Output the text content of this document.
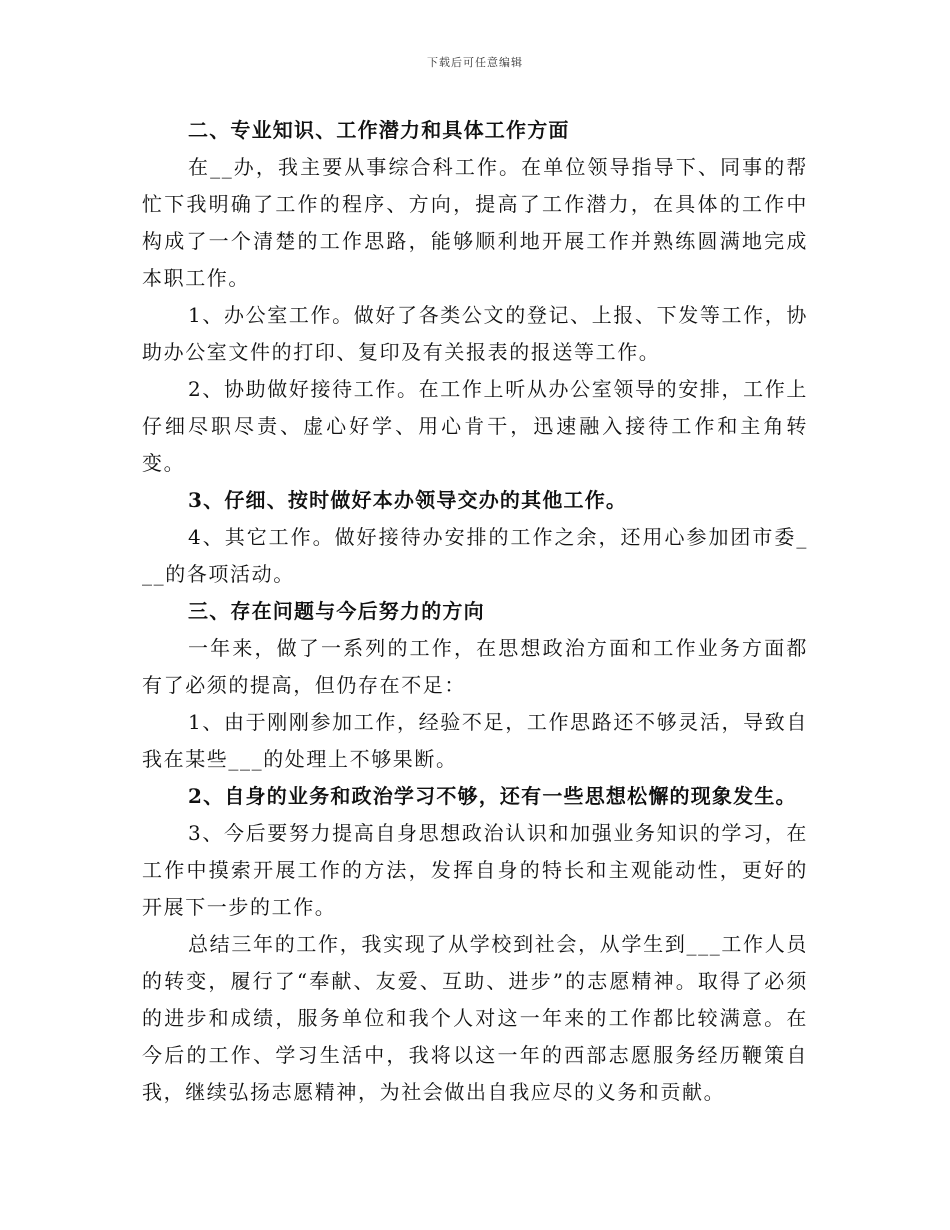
下载后可任意编辑

二、专业知识、工作潜力和具体工作方面

在__办，我主要从事综合科工作。在单位领导指导下、同事的帮忙下我明确了工作的程序、方向，提高了工作潜力，在具体的工作中构成了一个清楚的工作思路，能够顺利地开展工作并熟练圆满地完成本职工作。

1、办公室工作。做好了各类公文的登记、上报、下发等工作，协助办公室文件的打印、复印及有关报表的报送等工作。

2、协助做好接待工作。在工作上听从办公室领导的安排，工作上仔细尽职尽责、虚心好学、用心肯干，迅速融入接待工作和主角转变。

3、仔细、按时做好本办领导交办的其他工作。

4、其它工作。做好接待办安排的工作之余，还用心参加团市委___的各项活动。

三、存在问题与今后努力的方向

一年来，做了一系列的工作，在思想政治方面和工作业务方面都有了必须的提高，但仍存在不足：

1、由于刚刚参加工作，经验不足，工作思路还不够灵活，导致自我在某些___的处理上不够果断。

2、自身的业务和政治学习不够，还有一些思想松懈的现象发生。

3、今后要努力提高自身思想政治认识和加强业务知识的学习，在工作中摸索开展工作的方法，发挥自身的特长和主观能动性，更好的开展下一步的工作。

总结三年的工作，我实现了从学校到社会，从学生到___工作人员的转变，履行了“奉献、友爱、互助、进步”的志愿精神。取得了必须的进步和成绩，服务单位和我个人对这一年来的工作都比较满意。在今后的工作、学习生活中，我将以这一年的西部志愿服务经历鞭策自我，继续弘扬志愿精神，为社会做出自我应尽的义务和贡献。
